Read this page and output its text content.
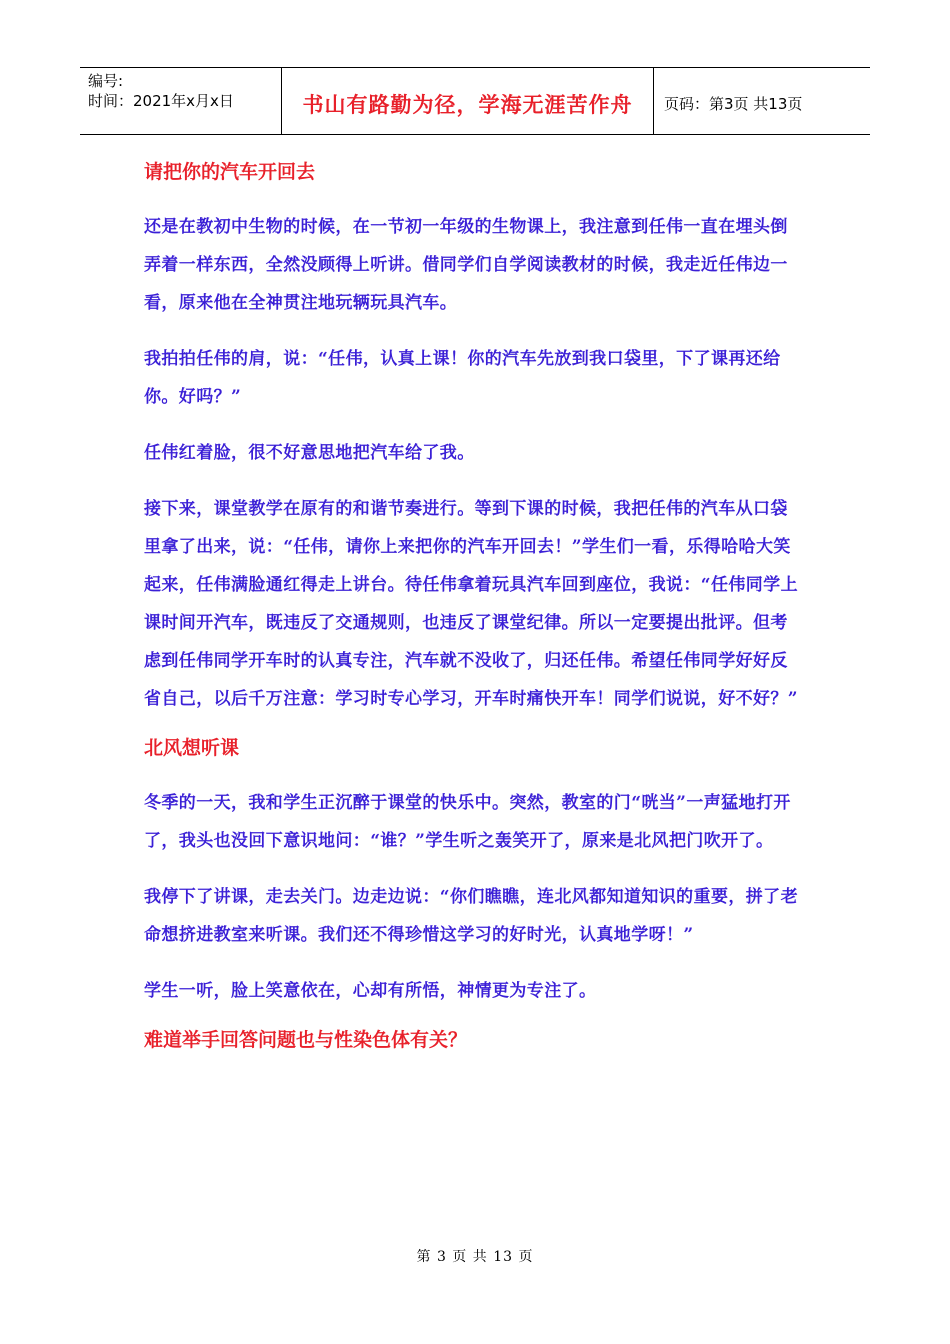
编号:
时间：2021年x月x日	书山有路勤为径，学海无涯苦作舟	页码：第3页 共13页
请把你的汽车开回去

还是在教初中生物的时候，在一节初一年级的生物课上，我注意到任伟一直在埋头倒弄着一样东西，全然没顾得上听讲。借同学们自学阅读教材的时候，我走近任伟边一看，原来他在全神贯注地玩辆玩具汽车。

我拍拍任伟的肩，说：“任伟，认真上课！你的汽车先放到我口袋里，下了课再还给你。好吗？”

任伟红着脸，很不好意思地把汽车给了我。

接下来，课堂教学在原有的和谐节奏进行。等到下课的时候，我把任伟的汽车从口袋里拿了出来，说：“任伟，请你上来把你的汽车开回去！”学生们一看，乐得哈哈大笑起来，任伟满脸通红得走上讲台。待任伟拿着玩具汽车回到座位，我说：“任伟同学上课时间开汽车，既违反了交通规则，也违反了课堂纪律。所以一定要提出批评。但考虑到任伟同学开车时的认真专注，汽车就不没收了，归还任伟。希望任伟同学好好反省自己，以后千万注意：学习时专心学习，开车时痛快开车！同学们说说，好不好？”

北风想听课

冬季的一天，我和学生正沉醉于课堂的快乐中。突然，教室的门“咣当”一声猛地打开了，我头也没回下意识地问：“谁？”学生听之轰笑开了，原来是北风把门吹开了。

我停下了讲课，走去关门。边走边说：“你们瞧瞧，连北风都知道知识的重要，拼了老命想挤进教室来听课。我们还不得珍惜这学习的好时光，认真地学呀！”

学生一听，脸上笑意依在，心却有所悟，神情更为专注了。

难道举手回答问题也与性染色体有关？
第 3 页 共 13 页
